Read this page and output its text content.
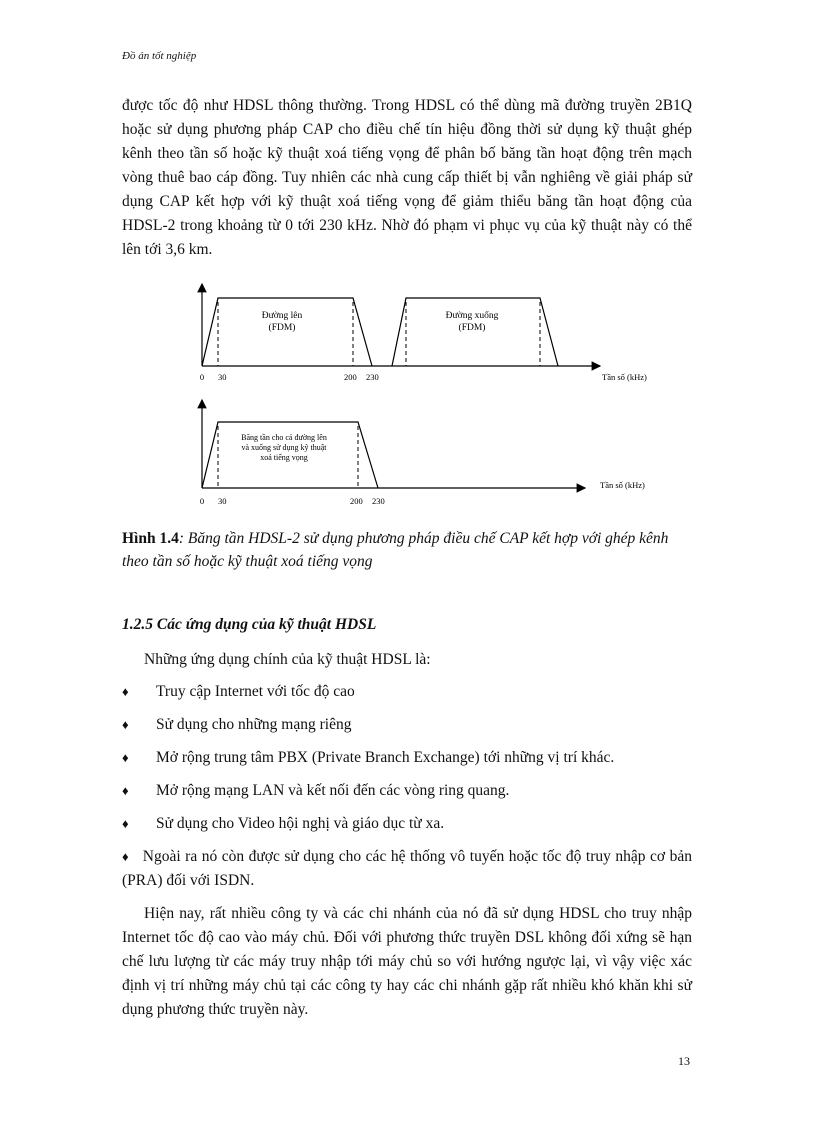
Đồ án tốt nghiệp
được tốc độ như HDSL thông thường. Trong HDSL có thể dùng mã đường truyền 2B1Q hoặc sử dụng phương pháp CAP cho điều chế tín hiệu đồng thời sử dụng kỹ thuật ghép kênh theo tần số hoặc kỹ thuật xoá tiếng vọng để phân bố băng tần hoạt động trên mạch vòng thuê bao cáp đồng. Tuy nhiên các nhà cung cấp thiết bị vẫn nghiêng về giải pháp sử dụng CAP kết hợp với kỹ thuật xoá tiếng vọng để giảm thiểu băng tần hoạt động của HDSL-2 trong khoảng từ 0 tới 230 kHz. Nhờ đó phạm vi phục vụ của kỹ thuật này có thể lên tới 3,6 km.
Đường lên
(FDM)
Đường xuống
(FDM)
0 30	200 230	Tần số (kHz)
Băng tần cho cả đường lên
và xuống sử dụng kỹ thuật
xoá tiếng vọng
0 30	200 230
Tần số (kHz)
Hình 1.4: Băng tần HDSL-2 sử dụng phương pháp điều chế CAP kết hợp với ghép kênh theo tần số hoặc kỹ thuật xoá tiếng vọng
1.2.5 Các ứng dụng của kỹ thuật HDSL
Những ứng dụng chính của kỹ thuật HDSL là:
♦ Truy cập Internet với tốc độ cao
♦ Sử dụng cho những mạng riêng
♦ Mở rộng trung tâm PBX (Private Branch Exchange) tới những vị trí khác.
♦ Mở rộng mạng LAN và kết nối đến các vòng ring quang.
♦ Sử dụng cho Video hội nghị và giáo dục từ xa.
♦ Ngoài ra nó còn được sử dụng cho các hệ thống vô tuyến hoặc tốc độ truy nhập cơ bản (PRA) đối với ISDN.
Hiện nay, rất nhiều công ty và các chi nhánh của nó đã sử dụng HDSL cho truy nhập Internet tốc độ cao vào máy chủ. Đối với phương thức truyền DSL không đối xứng sẽ hạn chế lưu lượng từ các máy truy nhập tới máy chủ so với hướng ngược lại, vì vậy việc xác định vị trí những máy chủ tại các công ty hay các chi nhánh gặp rất nhiều khó khăn khi sử dụng phương thức truyền này.
13
